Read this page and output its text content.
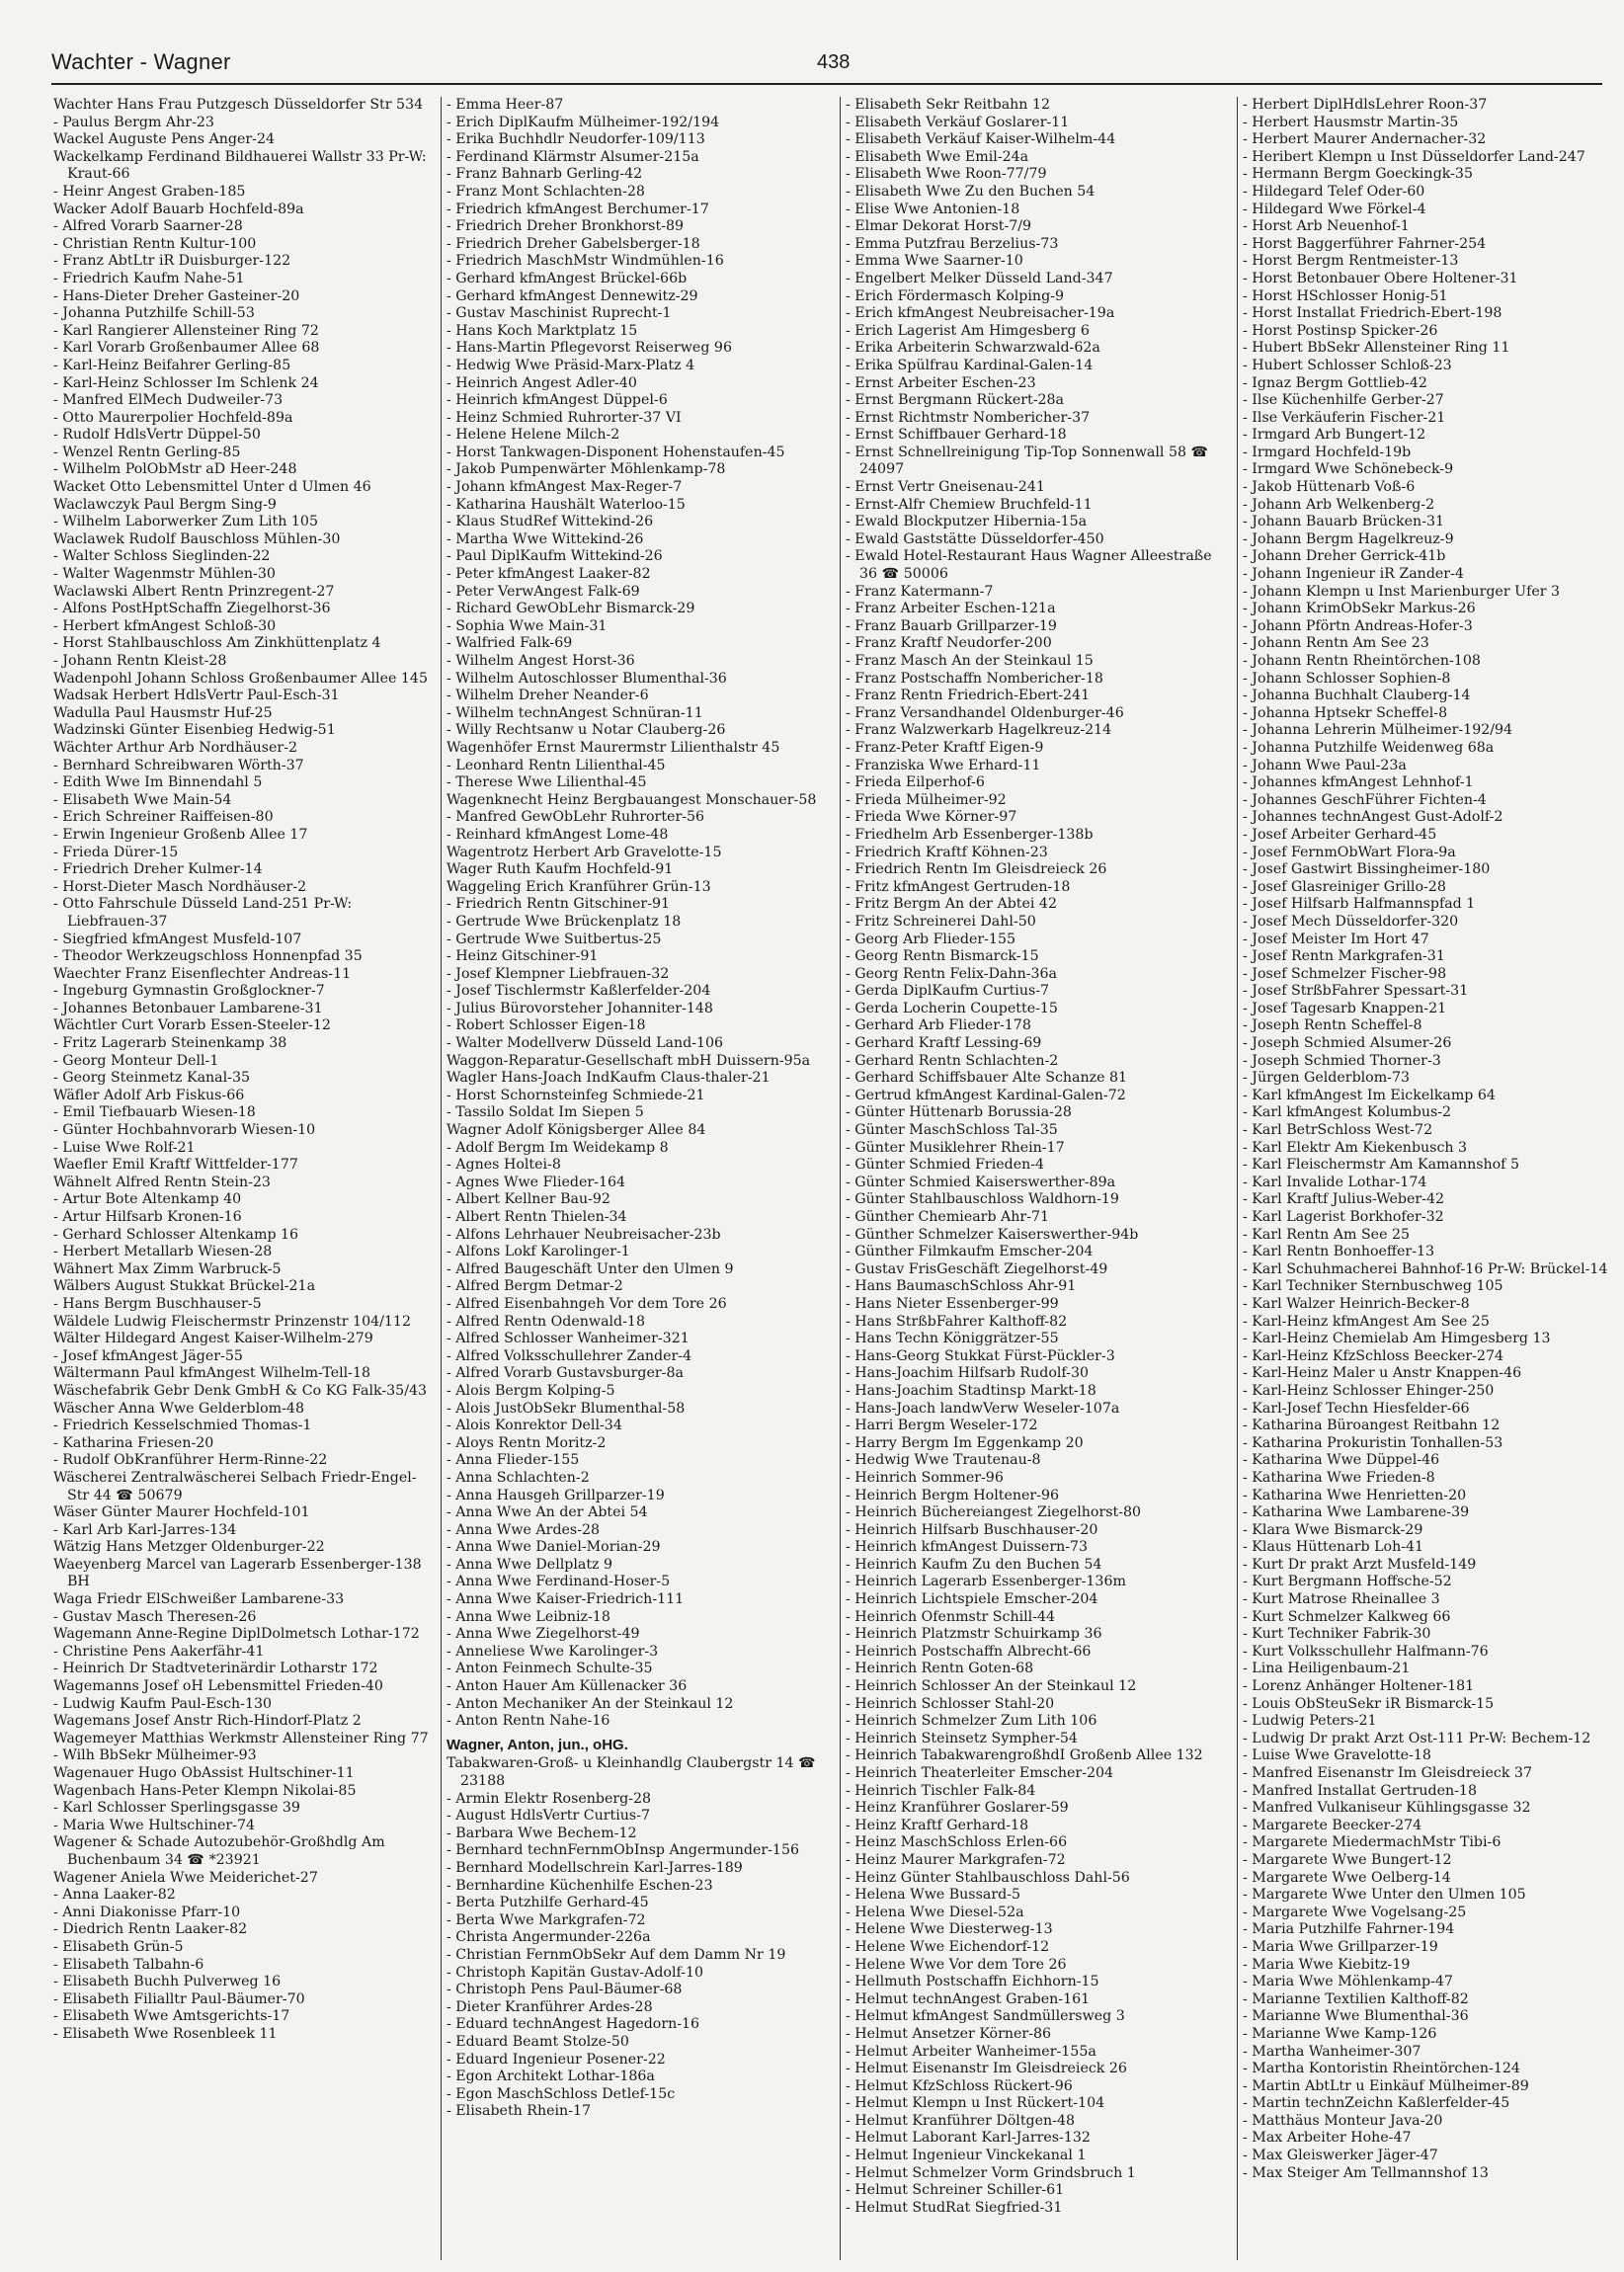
Wachter - Wagner	438
Wachter Hans Frau Putzgesch Düsseldorfer Str 534
- Paulus Bergm Ahr-23
Wackel Auguste Pens Anger-24
Wackelkamp Ferdinand Bildhauerei Wallstr 33 Pr-W: Kraut-66
- Heinr Angest Graben-185
Wacker Adolf Bauarb Hochfeld-89a
- Alfred Vorarb Saarner-28
- Christian Rentn Kultur-100
- Franz AbtLtr iR Duisburger-122
- Friedrich Kaufm Nahe-51
- Hans-Dieter Dreher Gasteiner-20
- Johanna Putzhilfe Schill-53
- Karl Rangierer Allensteiner Ring 72
- Karl Vorarb Großenbaumer Allee 68
- Karl-Heinz Beifahrer Gerling-85
- Karl-Heinz Schlosser Im Schlenk 24
- Manfred ElMech Dudweiler-73
- Otto Maurerpolier Hochfeld-89a
- Rudolf HdlsVertr Düppel-50
- Wenzel Rentn Gerling-85
- Wilhelm PolObMstr aD Heer-248
Wacket Otto Lebensmittel Unter d Ulmen 46
Waclawczyk Paul Bergm Sing-9
- Wilhelm Laborwerker Zum Lith 105
Waclawek Rudolf Bauschloss Mühlen-30
- Walter Schloss Sieglinden-22
- Walter Wagenmstr Mühlen-30
Waclawski Albert Rentn Prinzregent-27
- Alfons PostHptSchaffn Ziegelhorst-36
- Herbert kfmAngest Schloß-30
- Horst Stahlbauschloss Am Zinkhüttenplatz 4
- Johann Rentn Kleist-28
Wadenpohl Johann Schloss Großenbaumer Allee 145
Wadsak Herbert HdlsVertr Paul-Esch-31
Wadulla Paul Hausmstr Huf-25
Wadzinski Günter Eisenbieg Hedwig-51
Wächter Arthur Arb Nordhäuser-2
- Bernhard Schreibwaren Wörth-37
- Edith Wwe Im Binnendahl 5
- Elisabeth Wwe Main-54
- Erich Schreiner Raiffeisen-80
- Erwin Ingenieur Großenb Allee 17
- Frieda Dürer-15
- Friedrich Dreher Kulmer-14
- Horst-Dieter Masch Nordhäuser-2
- Otto Fahrschule Düsseld Land-251 Pr-W: Liebfrauen-37
- Siegfried kfmAngest Musfeld-107
- Theodor Werkzeugschloss Honnenpfad 35
Waechter Franz Eisenflechter Andreas-11
- Ingeburg Gymnastin Großglockner-7
- Johannes Betonbauer Lambarene-31
Wächtler Curt Vorarb Essen-Steeler-12
- Fritz Lagerarb Steinenkamp 38
- Georg Monteur Dell-1
- Georg Steinmetz Kanal-35
Wäfler Adolf Arb Fiskus-66
- Emil Tiefbauarb Wiesen-18
- Günter Hochbahnvorarb Wiesen-10
- Luise Wwe Rolf-21
Waefler Emil Kraftf Wittfelder-177
Wähnelt Alfred Rentn Stein-23
- Artur Bote Altenkamp 40
- Artur Hilfsarb Kronen-16
- Gerhard Schlosser Altenkamp 16
- Herbert Metallarb Wiesen-28
Wähnert Max Zimm Warbruck-5
Wälbers August Stukkat Brückel-21a
- Hans Bergm Buschhauser-5
Wäldele Ludwig Fleischermstr Prinzenstr 104/112
Wälter Hildegard Angest Kaiser-Wilhelm-279
- Josef kfmAngest Jäger-55
Wältermann Paul kfmAngest Wilhelm-Tell-18
Wäschefabrik Gebr Denk GmbH & Co KG Falk-35/43
Wäscher Anna Wwe Gelderblom-48
- Friedrich Kesselschmied Thomas-1
- Katharina Friesen-20
- Rudolf ObKranführer Herm-Rinne-22
Wäscherei Zentralwäscherei Selbach Friedr-Engel-Str 44 ☎ 50679
Wäser Günter Maurer Hochfeld-101
- Karl Arb Karl-Jarres-134
Wätzig Hans Metzger Oldenburger-22
Waeyenberg Marcel van Lagerarb Essenberger-138 BH
Waga Friedr ElSchweißer Lambarene-33
- Gustav Masch Theresen-26
Wagemann Anne-Regine DiplDolmetsch Lothar-172
- Christine Pens Aakerfähr-41
- Heinrich Dr Stadtveterinärdir Lotharstr 172
Wagemanns Josef oH Lebensmittel Frieden-40
- Ludwig Kaufm Paul-Esch-130
Wagemans Josef Anstr Rich-Hindorf-Platz 2
Wagemeyer Matthias Werkmstr Allensteiner Ring 77
- Wilh BbSekr Mülheimer-93
Wagenauer Hugo ObAssist Hultschiner-11
Wagenbach Hans-Peter Klempn Nikolai-85
- Karl Schlosser Sperlingsgasse 39
- Maria Wwe Hultschiner-74
Wagener & Schade Autozubehör-Großhdlg Am Buchenbaum 34 ☎ *23921
Wagener Aniela Wwe Meiderichet-27
- Anna Laaker-82
- Anni Diakonisse Pfarr-10
- Diedrich Rentn Laaker-82
- Elisabeth Grün-5
- Elisabeth Talbahn-6
- Elisabeth Buchh Pulverweg 16
- Elisabeth Filialltr Paul-Bäumer-70
- Elisabeth Wwe Amtsgerichts-17
- Elisabeth Wwe Rosenbleek 11
- Emma Heer-87
- Erich DiplKaufm Mülheimer-192/194
- Erika Buchhdlr Neudorfer-109/113
- Ferdinand Klärmstr Alsumer-215a
- Franz Bahnarb Gerling-42
- Franz Mont Schlachten-28
- Friedrich kfmAngest Berchumer-17
- Friedrich Dreher Bronkhorst-89
- Friedrich Dreher Gabelsberger-18
- Friedrich MaschMstr Windmühlen-16
- Gerhard kfmAngest Brückel-66b
- Gerhard kfmAngest Dennewitz-29
- Gustav Maschinist Ruprecht-1
- Hans Koch Marktplatz 15
- Hans-Martin Pflegevorst Reiserweg 96
- Hedwig Wwe Präsid-Marx-Platz 4
- Heinrich Angest Adler-40
- Heinrich kfmAngest Düppel-6
- Heinz Schmied Ruhrorter-37 VI
- Helene Helene Milch-2
- Horst Tankwagen-Disponent Hohenstaufen-45
- Jakob Pumpenwärter Möhlenkamp-78
- Johann kfmAngest Max-Reger-7
- Katharina Haushält Waterloo-15
- Klaus StudRef Wittekind-26
- Martha Wwe Wittekind-26
- Paul DiplKaufm Wittekind-26
- Peter kfmAngest Laaker-82
- Peter VerwAngest Falk-69
- Richard GewObLehr Bismarck-29
- Sophia Wwe Main-31
- Walfried Falk-69
- Wilhelm Angest Horst-36
- Wilhelm Autoschlosser Blumenthal-36
- Wilhelm Dreher Neander-6
- Wilhelm technAngest Schnüran-11
- Willy Rechtsanw u Notar Clauberg-26
Wagenhöfer Ernst Maurermstr Lilienthalstr 45
- Leonhard Rentn Lilienthal-45
- Therese Wwe Lilienthal-45
Wagenknecht Heinz Bergbauangest Monschauer-58
- Manfred GewObLehr Ruhrorter-56
- Reinhard kfmAngest Lome-48
Wagentrotz Herbert Arb Gravelotte-15
Wager Ruth Kaufm Hochfeld-91
Waggeling Erich Kranführer Grün-13
- Friedrich Rentn Gitschiner-91
- Gertrude Wwe Brückenplatz 18
- Gertrude Wwe Suitbertus-25
- Heinz Gitschiner-91
- Josef Klempner Liebfrauen-32
- Josef Tischlermstr Kaßlerfelder-204
- Julius Bürovorsteher Johanniter-148
- Robert Schlosser Eigen-18
- Walter Modellverw Düsseld Land-106
Waggon-Reparatur-Gesellschaft mbH Duissern-95a
Wagler Hans-Joach IndKaufm Claus-thaler-21
- Horst Schornsteinfeg Schmiede-21
- Tassilo Soldat Im Siepen 5
Wagner Adolf Königsberger Allee 84
- Adolf Bergm Im Weidekamp 8
- Agnes Holtei-8
- Agnes Wwe Flieder-164
- Albert Kellner Bau-92
- Albert Rentn Thielen-34
- Alfons Lehrhauer Neubreisacher-23b
- Alfons Lokf Karolinger-1
- Alfred Baugeschäft Unter den Ulmen 9
- Alfred Bergm Detmar-2
- Alfred Eisenbahngeh Vor dem Tore 26
- Alfred Rentn Odenwald-18
- Alfred Schlosser Wanheimer-321
- Alfred Volksschullehrer Zander-4
- Alfred Vorarb Gustavsburger-8a
- Alois Bergm Kolping-5
- Alois JustObSekr Blumenthal-58
- Alois Konrektor Dell-34
- Aloys Rentn Moritz-2
- Anna Flieder-155
- Anna Schlachten-2
- Anna Hausgeh Grillparzer-19
- Anna Wwe An der Abtei 54
- Anna Wwe Ardes-28
- Anna Wwe Daniel-Morian-29
- Anna Wwe Dellplatz 9
- Anna Wwe Ferdinand-Hoser-5
- Anna Wwe Kaiser-Friedrich-111
- Anna Wwe Leibniz-18
- Anna Wwe Ziegelhorst-49
- Anneliese Wwe Karolinger-3
- Anton Feinmech Schulte-35
- Anton Hauer Am Küllenacker 36
- Anton Mechaniker An der Steinkaul 12
- Anton Rentn Nahe-16
Wagner, Anton, jun., oHG.
Tabakwaren-Groß- u Kleinhandlg Claubergstr 14 ☎ 23188
- Armin Elektr Rosenberg-28
- August HdlsVertr Curtius-7
- Barbara Wwe Bechem-12
- Bernhard technFernmObInsp Angermunder-156
- Bernhard Modellschrein Karl-Jarres-189
- Bernhardine Küchenhilfe Eschen-23
- Berta Putzhilfe Gerhard-45
- Berta Wwe Markgrafen-72
- Christa Angermunder-226a
- Christian FernmObSekr Auf dem Damm Nr 19
- Christoph Kapitän Gustav-Adolf-10
- Christoph Pens Paul-Bäumer-68
- Dieter Kranführer Ardes-28
- Eduard technAngest Hagedorn-16
- Eduard Beamt Stolze-50
- Eduard Ingenieur Posener-22
- Egon Architekt Lothar-186a
- Egon MaschSchloss Detlef-15c
- Elisabeth Rhein-17
- Elisabeth Sekr Reitbahn 12
- Elisabeth Verkäuf Goslarer-11
- Elisabeth Verkäuf Kaiser-Wilhelm-44
- Elisabeth Wwe Emil-24a
- Elisabeth Wwe Roon-77/79
- Elisabeth Wwe Zu den Buchen 54
- Elise Wwe Antonien-18
- Elmar Dekorat Horst-7/9
- Emma Putzfrau Berzelius-73
- Emma Wwe Saarner-10
- Engelbert Melker Düsseld Land-347
- Erich Fördermasch Kolping-9
- Erich kfmAngest Neubreisacher-19a
- Erich Lagerist Am Himgesberg 6
- Erika Arbeiterin Schwarzwald-62a
- Erika Spülfrau Kardinal-Galen-14
- Ernst Arbeiter Eschen-23
- Ernst Bergmann Rückert-28a
- Ernst Richtmstr Nombericher-37
- Ernst Schiffbauer Gerhard-18
- Ernst Schnellreinigung Tip-Top Sonnenwall 58 ☎ 24097
- Ernst Vertr Gneisenau-241
- Ernst-Alfr Chemiew Bruchfeld-11
- Ewald Blockputzer Hibernia-15a
- Ewald Gaststätte Düsseldorfer-450
- Ewald Hotel-Restaurant Haus Wagner Alleestraße 36 ☎ 50006
- Franz Katermann-7
- Franz Arbeiter Eschen-121a
- Franz Bauarb Grillparzer-19
- Franz Kraftf Neudorfer-200
- Franz Masch An der Steinkaul 15
- Franz Postschaffn Nombericher-18
- Franz Rentn Friedrich-Ebert-241
- Franz Versandhandel Oldenburger-46
- Franz Walzwerkarb Hagelkreuz-214
- Franz-Peter Kraftf Eigen-9
- Franziska Wwe Erhard-11
- Frieda Eilperhof-6
- Frieda Mülheimer-92
- Frieda Wwe Körner-97
- Friedhelm Arb Essenberger-138b
- Friedrich Kraftf Köhnen-23
- Friedrich Rentn Im Gleisdreieck 26
- Fritz kfmAngest Gertruden-18
- Fritz Bergm An der Abtei 42
- Fritz Schreinerei Dahl-50
- Georg Arb Flieder-155
- Georg Rentn Bismarck-15
- Georg Rentn Felix-Dahn-36a
- Gerda DiplKaufm Curtius-7
- Gerda Locherin Coupette-15
- Gerhard Arb Flieder-178
- Gerhard Kraftf Lessing-69
- Gerhard Rentn Schlachten-2
- Gerhard Schiffsbauer Alte Schanze 81
- Gertrud kfmAngest Kardinal-Galen-72
- Günter Hüttenarb Borussia-28
- Günter MaschSchloss Tal-35
- Günter Musiklehrer Rhein-17
- Günter Schmied Frieden-4
- Günter Schmied Kaiserswerther-89a
- Günter Stahlbauschloss Waldhorn-19
- Günther Chemiearb Ahr-71
- Günther Schmelzer Kaiserswerther-94b
- Günther Filmkaufm Emscher-204
- Gustav FrisGeschäft Ziegelhorst-49
- Hans BaumaschSchloss Ahr-91
- Hans Nieter Essenberger-99
- Hans StrßbFahrer Kalthoff-82
- Hans Techn Königgrätzer-55
- Hans-Georg Stukkat Fürst-Pückler-3
- Hans-Joachim Hilfsarb Rudolf-30
- Hans-Joachim Stadtinsp Markt-18
- Hans-Joach landwVerw Weseler-107a
- Harri Bergm Weseler-172
- Harry Bergm Im Eggenkamp 20
- Hedwig Wwe Trautenau-8
- Heinrich Sommer-96
- Heinrich Bergm Holtener-96
- Heinrich Büchereiangest Ziegelhorst-80
- Heinrich Hilfsarb Buschhauser-20
- Heinrich kfmAngest Duissern-73
- Heinrich Kaufm Zu den Buchen 54
- Heinrich Lagerarb Essenberger-136m
- Heinrich Lichtspiele Emscher-204
- Heinrich Ofenmstr Schill-44
- Heinrich Platzmstr Schuirkamp 36
- Heinrich Postschaffn Albrecht-66
- Heinrich Rentn Goten-68
- Heinrich Schlosser An der Steinkaul 12
- Heinrich Schlosser Stahl-20
- Heinrich Schmelzer Zum Lith 106
- Heinrich Steinsetz Sympher-54
- Heinrich TabakwarengroßhdI Großenb Allee 132
- Heinrich Theaterleiter Emscher-204
- Heinrich Tischler Falk-84
- Heinz Kranführer Goslarer-59
- Heinz Kraftf Gerhard-18
- Heinz MaschSchloss Erlen-66
- Heinz Maurer Markgrafen-72
- Heinz Günter Stahlbauschloss Dahl-56
- Helena Wwe Bussard-5
- Helena Wwe Diesel-52a
- Helene Wwe Diesterweg-13
- Helene Wwe Eichendorf-12
- Helene Wwe Vor dem Tore 26
- Hellmuth Postschaffn Eichhorn-15
- Helmut technAngest Graben-161
- Helmut kfmAngest Sandmüllersweg 3
- Helmut Ansetzer Körner-86
- Helmut Arbeiter Wanheimer-155a
- Helmut Eisenanstr Im Gleisdreieck 26
- Helmut KfzSchloss Rückert-96
- Helmut Klempn u Inst Rückert-104
- Helmut Kranführer Döltgen-48
- Helmut Laborant Karl-Jarres-132
- Helmut Ingenieur Vinckekanal 1
- Helmut Schmelzer Vorm Grindsbruch 1
- Helmut Schreiner Schiller-61
- Helmut StudRat Siegfried-31
- Herbert DiplHdlsLehrer Roon-37
- Herbert Hausmstr Martin-35
- Herbert Maurer Andernacher-32
- Heribert Klempn u Inst Düsseldorfer Land-247
- Hermann Bergm Goeckingk-35
- Hildegard Telef Oder-60
- Hildegard Wwe Förkel-4
- Horst Arb Neuenhof-1
- Horst Baggerführer Fahrner-254
- Horst Bergm Rentmeister-13
- Horst Betonbauer Obere Holtener-31
- Horst HSchlosser Honig-51
- Horst Installat Friedrich-Ebert-198
- Horst Postinsp Spicker-26
- Hubert BbSekr Allensteiner Ring 11
- Hubert Schlosser Schloß-23
- Ignaz Bergm Gottlieb-42
- Ilse Küchenhilfe Gerber-27
- Ilse Verkäuferin Fischer-21
- Irmgard Arb Bungert-12
- Irmgard Hochfeld-19b
- Irmgard Wwe Schönebeck-9
- Jakob Hüttenarb Voß-6
- Johann Arb Welkenberg-2
- Johann Bauarb Brücken-31
- Johann Bergm Hagelkreuz-9
- Johann Dreher Gerrick-41b
- Johann Ingenieur iR Zander-4
- Johann Klempn u Inst Marienburger Ufer 3
- Johann KrimObSekr Markus-26
- Johann Pförtn Andreas-Hofer-3
- Johann Rentn Am See 23
- Johann Rentn Rheintörchen-108
- Johann Schlosser Sophien-8
- Johanna Buchhalt Clauberg-14
- Johanna Hptsekr Scheffel-8
- Johanna Lehrerin Mülheimer-192/94
- Johanna Putzhilfe Weidenweg 68a
- Johann Wwe Paul-23a
- Johannes kfmAngest Lehnhof-1
- Johannes GeschFührer Fichten-4
- Johannes technAngest Gust-Adolf-2
- Josef Arbeiter Gerhard-45
- Josef FernmObWart Flora-9a
- Josef Gastwirt Bissingheimer-180
- Josef Glasreiniger Grillo-28
- Josef Hilfsarb Halfmannspfad 1
- Josef Mech Düsseldorfer-320
- Josef Meister Im Hort 47
- Josef Rentn Markgrafen-31
- Josef Schmelzer Fischer-98
- Josef StrßbFahrer Spessart-31
- Josef Tagesarb Knappen-21
- Joseph Rentn Scheffel-8
- Joseph Schmied Alsumer-26
- Joseph Schmied Thorner-3
- Jürgen Gelderblom-73
- Karl kfmAngest Im Eickelkamp 64
- Karl kfmAngest Kolumbus-2
- Karl BetrSchloss West-72
- Karl Elektr Am Kiekenbusch 3
- Karl Fleischermstr Am Kamannshof 5
- Karl Invalide Lothar-174
- Karl Kraftf Julius-Weber-42
- Karl Lagerist Borkhofer-32
- Karl Rentn Am See 25
- Karl Rentn Bonhoeffer-13
- Karl Schuhmacherei Bahnhof-16 Pr-W: Brückel-14
- Karl Techniker Sternbuschweg 105
- Karl Walzer Heinrich-Becker-8
- Karl-Heinz kfmAngest Am See 25
- Karl-Heinz Chemielab Am Himgesberg 13
- Karl-Heinz KfzSchloss Beecker-274
- Karl-Heinz Maler u Anstr Knappen-46
- Karl-Heinz Schlosser Ehinger-250
- Karl-Josef Techn Hiesfelder-66
- Katharina Büroangest Reitbahn 12
- Katharina Prokuristin Tonhallen-53
- Katharina Wwe Düppel-46
- Katharina Wwe Frieden-8
- Katharina Wwe Henrietten-20
- Katharina Wwe Lambarene-39
- Klara Wwe Bismarck-29
- Klaus Hüttenarb Loh-41
- Kurt Dr prakt Arzt Musfeld-149
- Kurt Bergmann Hoffsche-52
- Kurt Matrose Rheinallee 3
- Kurt Schmelzer Kalkweg 66
- Kurt Techniker Fabrik-30
- Kurt Volksschullehr Halfmann-76
- Lina Heiligenbaum-21
- Lorenz Anhänger Holtener-181
- Louis ObSteuSekr iR Bismarck-15
- Ludwig Peters-21
- Ludwig Dr prakt Arzt Ost-111 Pr-W: Bechem-12
- Luise Wwe Gravelotte-18
- Manfred Eisenanstr Im Gleisdreieck 37
- Manfred Installat Gertruden-18
- Manfred Vulkaniseur Kühlingsgasse 32
- Margarete Beecker-274
- Margarete MiedermachMstr Tibi-6
- Margarete Wwe Bungert-12
- Margarete Wwe Oelberg-14
- Margarete Wwe Unter den Ulmen 105
- Margarete Wwe Vogelsang-25
- Maria Putzhilfe Fahrner-194
- Maria Wwe Grillparzer-19
- Maria Wwe Kiebitz-19
- Maria Wwe Möhlenkamp-47
- Marianne Textilien Kalthoff-82
- Marianne Wwe Blumenthal-36
- Marianne Wwe Kamp-126
- Martha Wanheimer-307
- Martha Kontoristin Rheintörchen-124
- Martin AbtLtr u Einkäuf Mülheimer-89
- Martin technZeichn Kaßlerfelder-45
- Matthäus Monteur Java-20
- Max Arbeiter Hohe-47
- Max Gleiswerker Jäger-47
- Max Steiger Am Tellmannshof 13
